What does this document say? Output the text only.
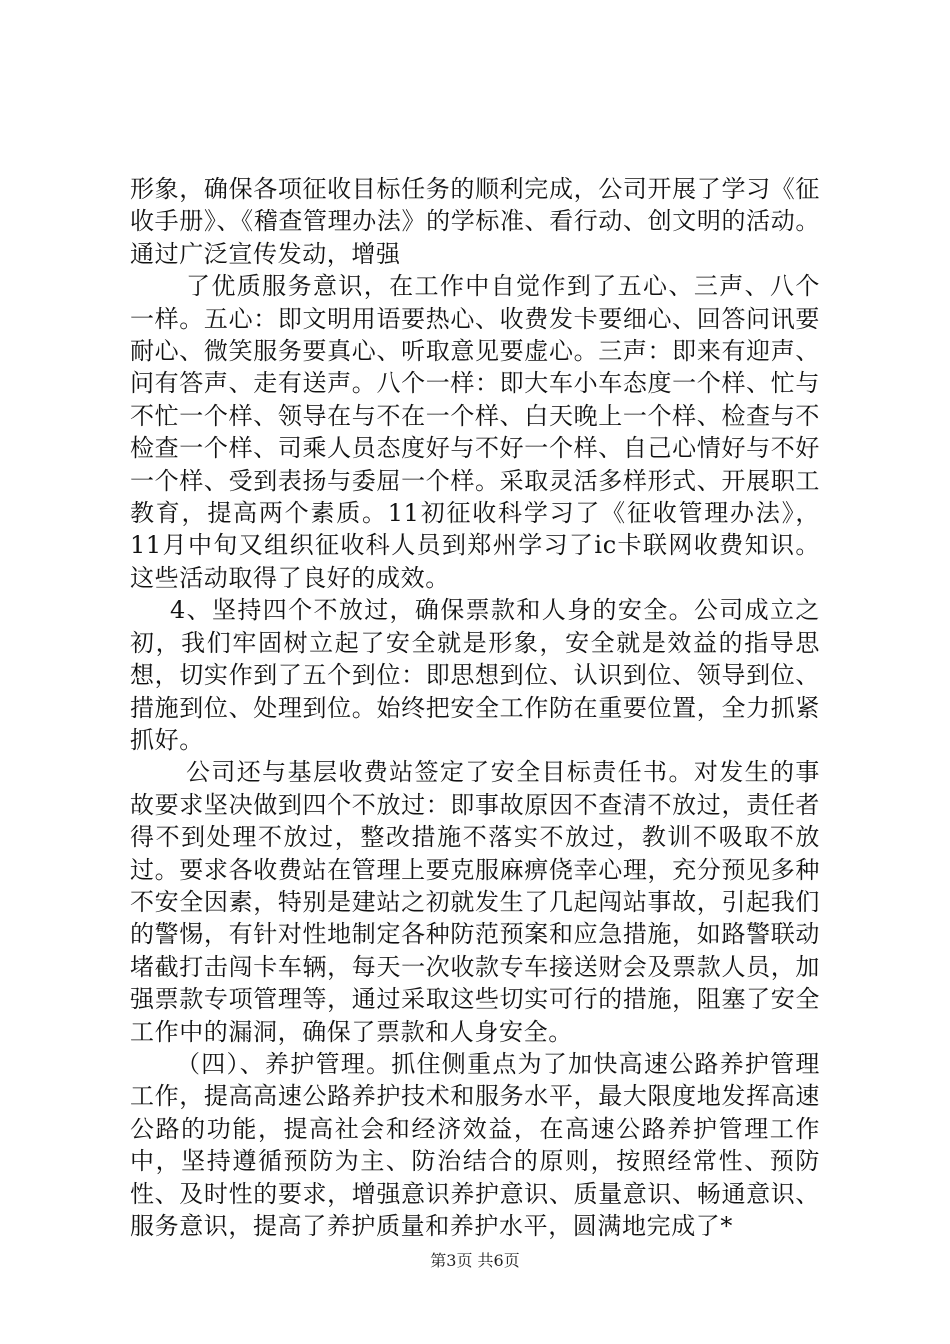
形象，确保各项征收目标任务的顺利完成，公司开展了学习《征收手册》、《稽查管理办法》的学标准、看行动、创文明的活动。通过广泛宣传发动，增强

了优质服务意识，在工作中自觉作到了五心、三声、八个一样。五心：即文明用语要热心、收费发卡要细心、回答问讯要耐心、微笑服务要真心、听取意见要虚心。三声：即来有迎声、问有答声、走有送声。八个一样：即大车小车态度一个样、忙与不忙一个样、领导在与不在一个样、白天晚上一个样、检查与不检查一个样、司乘人员态度好与不好一个样、自己心情好与不好一个样、受到表扬与委屈一个样。采取灵活多样形式、开展职工教育，提高两个素质。11初征收科学习了《征收管理办法》，11月中旬又组织征收科人员到郑州学习了ic卡联网收费知识。这些活动取得了良好的成效。

4、坚持四个不放过，确保票款和人身的安全。公司成立之初，我们牢固树立起了安全就是形象，安全就是效益的指导思想，切实作到了五个到位：即思想到位、认识到位、领导到位、措施到位、处理到位。始终把安全工作防在重要位置，全力抓紧抓好。

公司还与基层收费站签定了安全目标责任书。对发生的事故要求坚决做到四个不放过：即事故原因不查清不放过，责任者得不到处理不放过，整改措施不落实不放过，教训不吸取不放过。要求各收费站在管理上要克服麻痹侥幸心理，充分预见多种不安全因素，特别是建站之初就发生了几起闯站事故，引起我们的警惕，有针对性地制定各种防范预案和应急措施，如路警联动堵截打击闯卡车辆，每天一次收款专车接送财会及票款人员，加强票款专项管理等，通过采取这些切实可行的措施，阻塞了安全工作中的漏洞，确保了票款和人身安全。

（四）、养护管理。抓住侧重点为了加快高速公路养护管理工作，提高高速公路养护技术和服务水平，最大限度地发挥高速公路的功能，提高社会和经济效益，在高速公路养护管理工作中，坚持遵循预防为主、防治结合的原则，按照经常性、预防性、及时性的要求，增强意识养护意识、质量意识、畅通意识、服务意识，提高了养护质量和养护水平，圆满地完成了*

第3页 共6页
